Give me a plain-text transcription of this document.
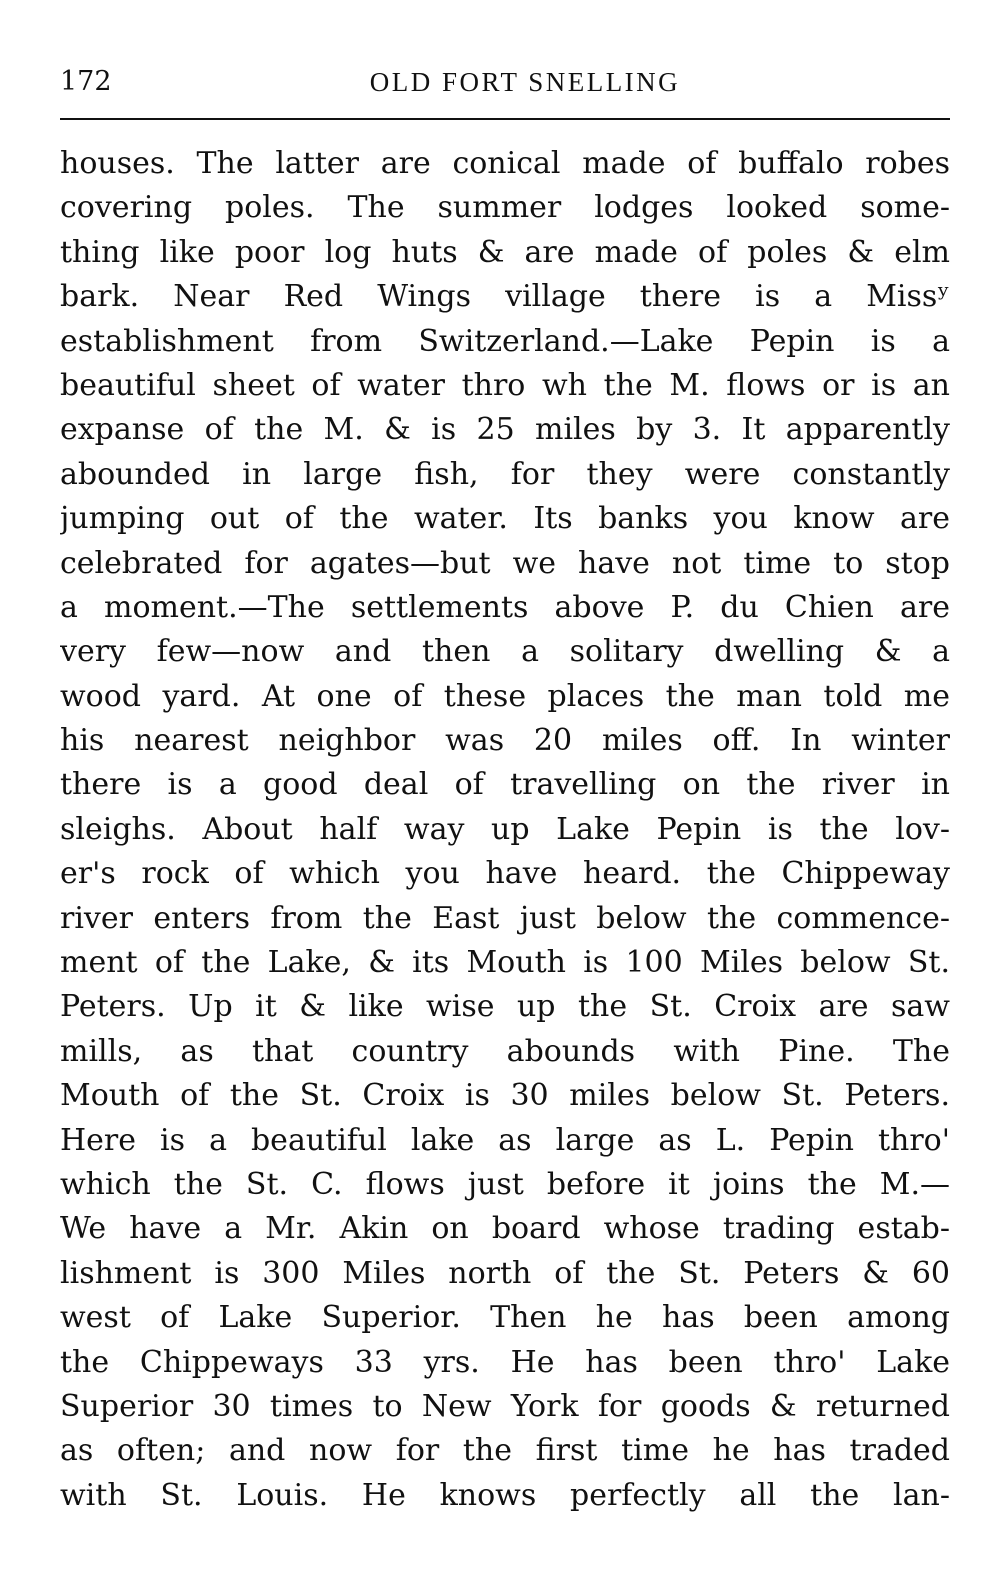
172	OLD FORT SNELLING
houses. The latter are conical made of buffalo robes
covering poles. The summer lodges looked some-
thing like poor log huts & are made of poles & elm
bark. Near Red Wings village there is a Missʸ
establishment from Switzerland.—Lake Pepin is a
beautiful sheet of water thro wh the M. flows or is an
expanse of the M. & is 25 miles by 3. It apparently
abounded in large fish, for they were constantly
jumping out of the water. Its banks you know are
celebrated for agates—but we have not time to stop
a moment.—The settlements above P. du Chien are
very few—now and then a solitary dwelling & a
wood yard. At one of these places the man told me
his nearest neighbor was 20 miles off. In winter
there is a good deal of travelling on the river in
sleighs. About half way up Lake Pepin is the lov-
er's rock of which you have heard. the Chippeway
river enters from the East just below the commence-
ment of the Lake, & its Mouth is 100 Miles below St.
Peters. Up it & like wise up the St. Croix are saw
mills, as that country abounds with Pine. The
Mouth of the St. Croix is 30 miles below St. Peters.
Here is a beautiful lake as large as L. Pepin thro'
which the St. C. flows just before it joins the M.—
We have a Mr. Akin on board whose trading estab-
lishment is 300 Miles north of the St. Peters & 60
west of Lake Superior. Then he has been among
the Chippeways 33 yrs. He has been thro' Lake
Superior 30 times to New York for goods & returned
as often; and now for the first time he has traded
with St. Louis. He knows perfectly all the lan-
